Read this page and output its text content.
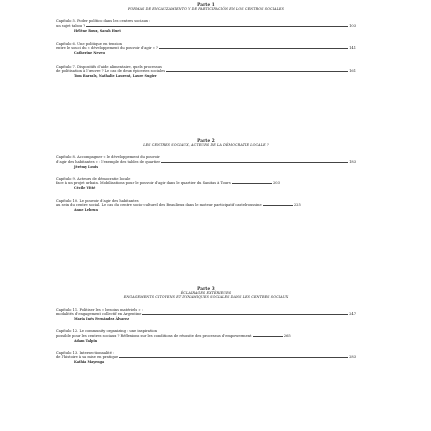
Parte 1
FORMAS DE ENCAUZAMIENTO Y DE PARTICIPACIÓN EN LOS CENTROS SOCIALES
Capítulo 5. Poder político dans les centres sociaux :
un sujet tabou ?	103
Hélène Roux, Sarah Huet
Capítulo 6. Une politique en tension
entre le souci du « développement du pouvoir d’agir » ?	141
Catherine Neveu
Capítulo 7. Dispositifs d’aide alimentaire, quels processus
de politisation à l’œuvre ? Le cas de deux épiceries sociales	161
Tom Barrals, Nathalie Laurent, Laure Sugier
Parte 2
LES CENTRES SOCIAUX, ACTEURS DE LA DÉMOCRATIE LOCALE ?
Capítulo 8. Accompagner « le développement du pouvoir
d’agir des habitantes » : l’exemple des tables de quartier	183
Jérémy Louis
Capítulo 9. Acteurs de démocratie locale
face à un projet urbain. Mobilisations pour le pouvoir d’agir dans le quartier du Sanitas à Tours	203
Cécile Vitté
Capítulo 10. Le pouvoir d’agir des habitantes
au sein du centre social. Le cas du centre socio-culturel des Beaulieux dans le moteur participatif castelroussine	225
Anne Lebrun
Parte 3
ÉCLAIRAGES EXTÉRIEURS
ENGAGEMENTS CITOYENS ET DYNAMIQUES SOCIALES DANS LES CENTRES SOCIAUX
Capítulo 11. Politiser les « besoins matériels » :
modalités d’engagement collectif en Argentine	247
María Inés Fernández Álvarez
Capítulo 12. Le community organizing : une inspiration
possible pour les centres sociaux ? Réflexions sur les conditions de réussite des processus d’empowerment	265
Adam Talpin
Capítulo 13. Intersectionnalité :
de l’histoire à sa mise en pratique	283
Kathia Mayenga
